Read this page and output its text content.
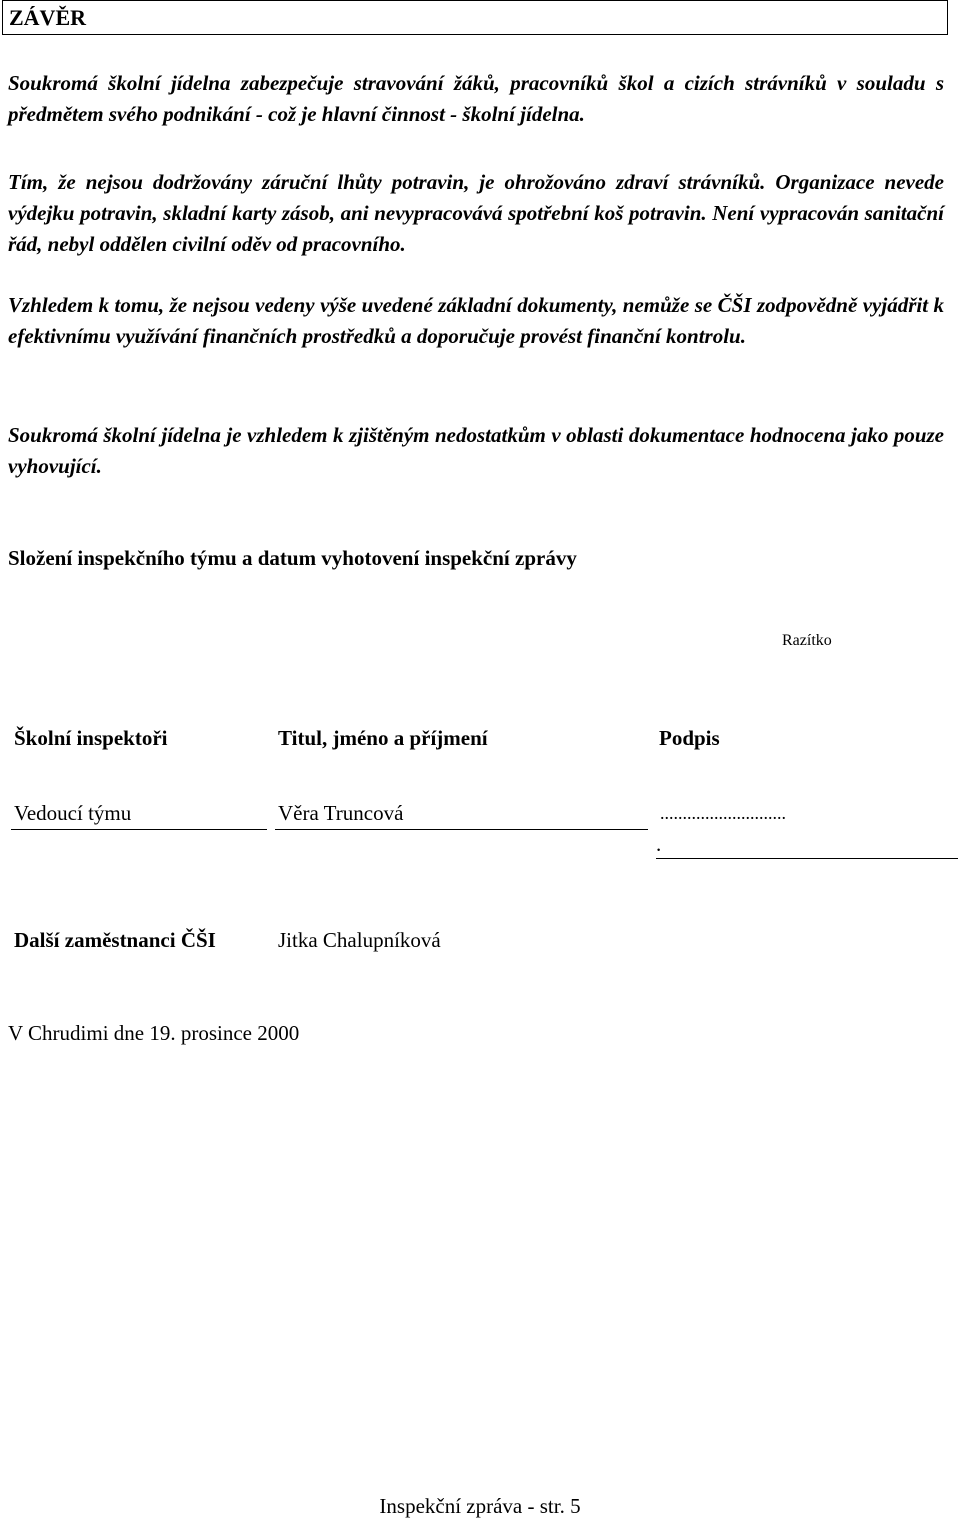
ZÁVĚR

Soukromá školní jídelna zabezpečuje stravování žáků, pracovníků škol a cizích strávníků v souladu s předmětem svého podnikání - což je hlavní činnost - školní jídelna.

Tím, že nejsou dodržovány záruční lhůty potravin, je ohrožováno zdraví strávníků. Organizace nevede výdejku potravin, skladní karty zásob, ani nevypracovává spotřební koš potravin. Není vypracován sanitační řád, nebyl oddělen civilní oděv od pracovního.

Vzhledem k tomu, že nejsou vedeny výše uvedené základní dokumenty, nemůže se ČŠI zodpovědně vyjádřit k efektivnímu využívání finančních prostředků a doporučuje provést finanční kontrolu.

Soukromá školní jídelna je vzhledem k zjištěným nedostatkům v oblasti dokumentace hodnocena jako pouze vyhovující.

Složení inspekčního týmu a datum vyhotovení inspekční zprávy
Razítko
Školní inspektoři	Titul, jméno a příjmení	Podpis
Vedoucí týmu	Věra Truncová	............................
.
Další zaměstnanci ČŠI	Jitka Chalupníková
V Chrudimi dne 19. prosince 2000
Inspekční zpráva - str. 5
